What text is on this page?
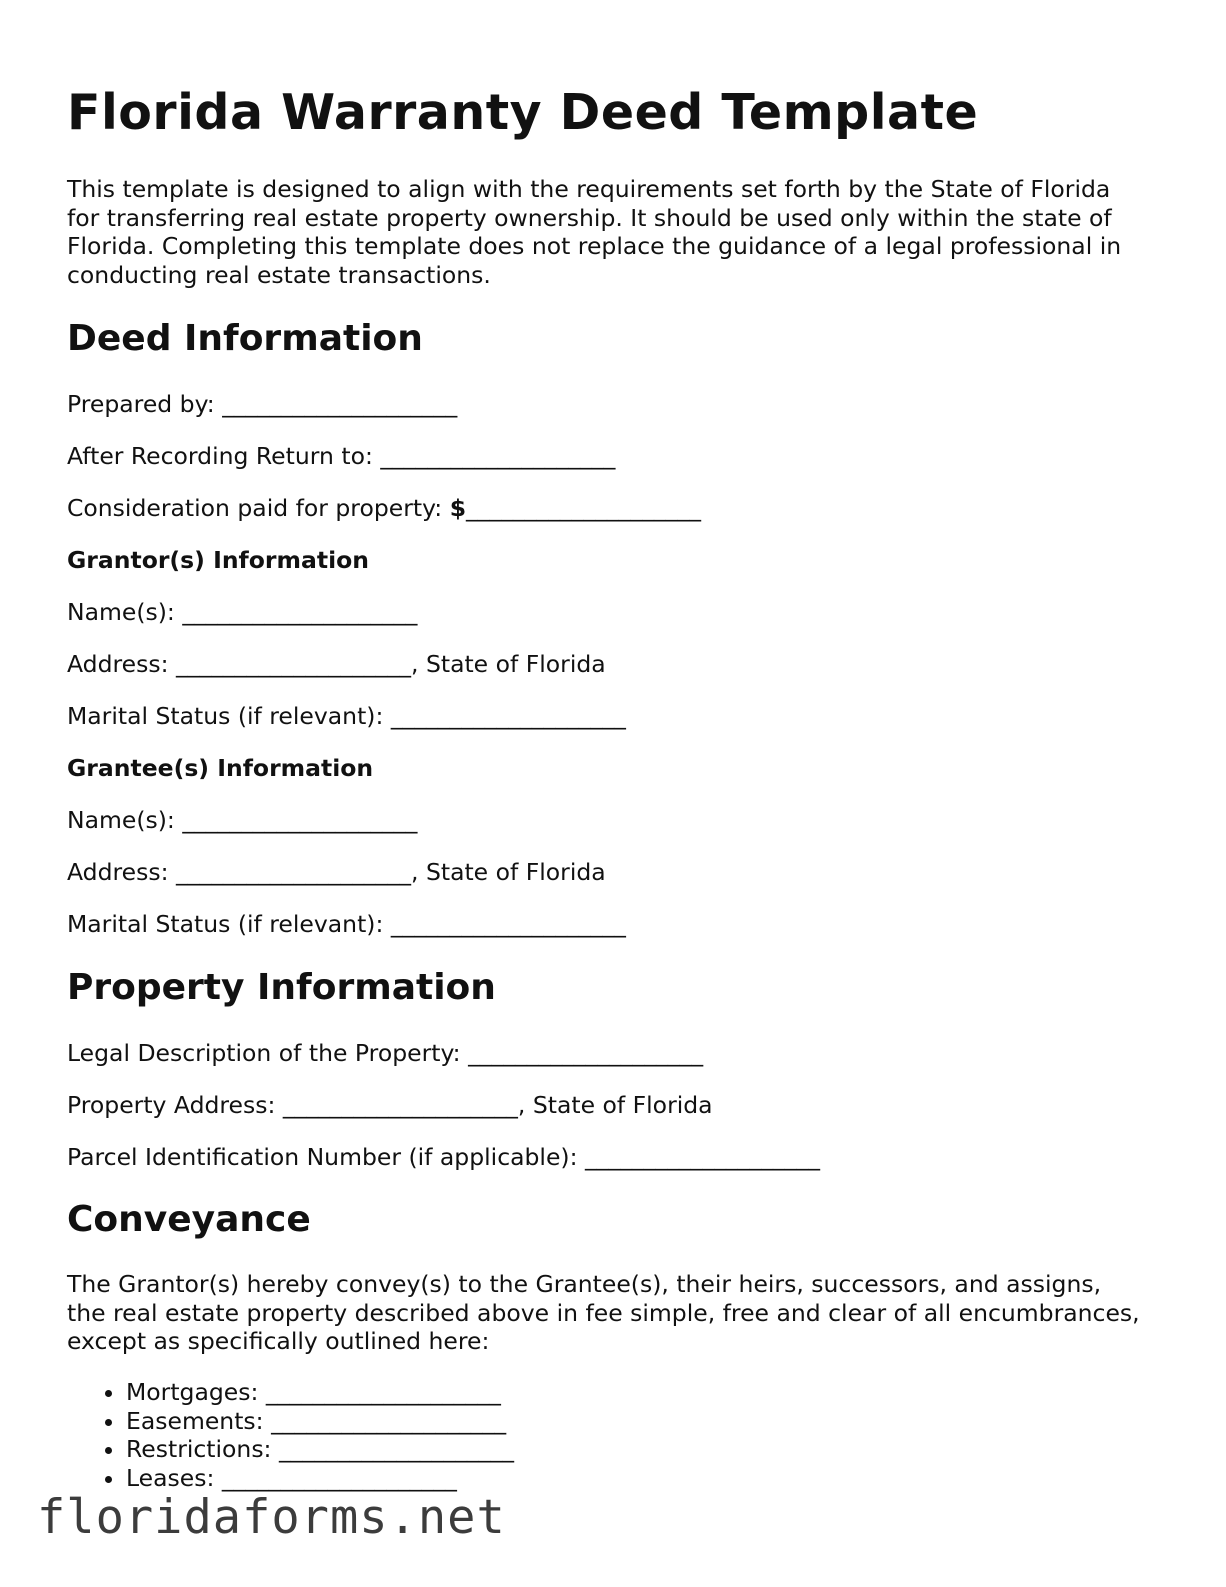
Florida Warranty Deed Template

This template is designed to align with the requirements set forth by the State of Florida for transferring real estate property ownership. It should be used only within the state of Florida. Completing this template does not replace the guidance of a legal professional in conducting real estate transactions.

Deed Information

Prepared by: ____________________

After Recording Return to: ____________________

Consideration paid for property: $____________________

Grantor(s) Information

Name(s): ____________________

Address: ____________________, State of Florida

Marital Status (if relevant): ____________________

Grantee(s) Information

Name(s): ____________________

Address: ____________________, State of Florida

Marital Status (if relevant): ____________________

Property Information

Legal Description of the Property: ____________________

Property Address: ____________________, State of Florida

Parcel Identification Number (if applicable): ____________________

Conveyance

The Grantor(s) hereby convey(s) to the Grantee(s), their heirs, successors, and assigns, the real estate property described above in fee simple, free and clear of all encumbrances, except as specifically outlined here:

• Mortgages: ____________________
• Easements: ____________________
• Restrictions: ____________________
• Leases: ____________________
floridaforms.net
